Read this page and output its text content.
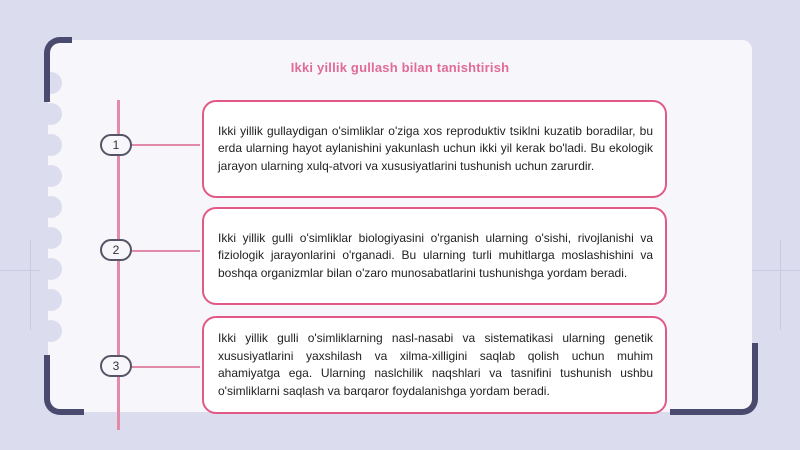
Ikki yillik gullash bilan tanishtirish
1
2
3

Ikki yillik gullaydigan o'simliklar o'ziga xos reproduktiv tsiklni kuzatib boradilar, bu erda ularning hayot aylanishini yakunlash uchun ikki yil kerak bo'ladi. Bu ekologik jarayon ularning xulq-atvori va xususiyatlarini tushunish uchun zarurdir.

Ikki yillik gulli o'simliklar biologiyasini o'rganish ularning o'sishi, rivojlanishi va fiziologik jarayonlarini o'rganadi. Bu ularning turli muhitlarga moslashishini va boshqa organizmlar bilan o'zaro munosabatlarini tushunishga yordam beradi.

Ikki yillik gulli o'simliklarning nasl-nasabi va sistematikasi ularning genetik xususiyatlarini yaxshilash va xilma-xilligini saqlab qolish uchun muhim ahamiyatga ega. Ularning naslchilik naqshlari va tasnifini tushunish ushbu o'simliklarni saqlash va barqaror foydalanishga yordam beradi.
